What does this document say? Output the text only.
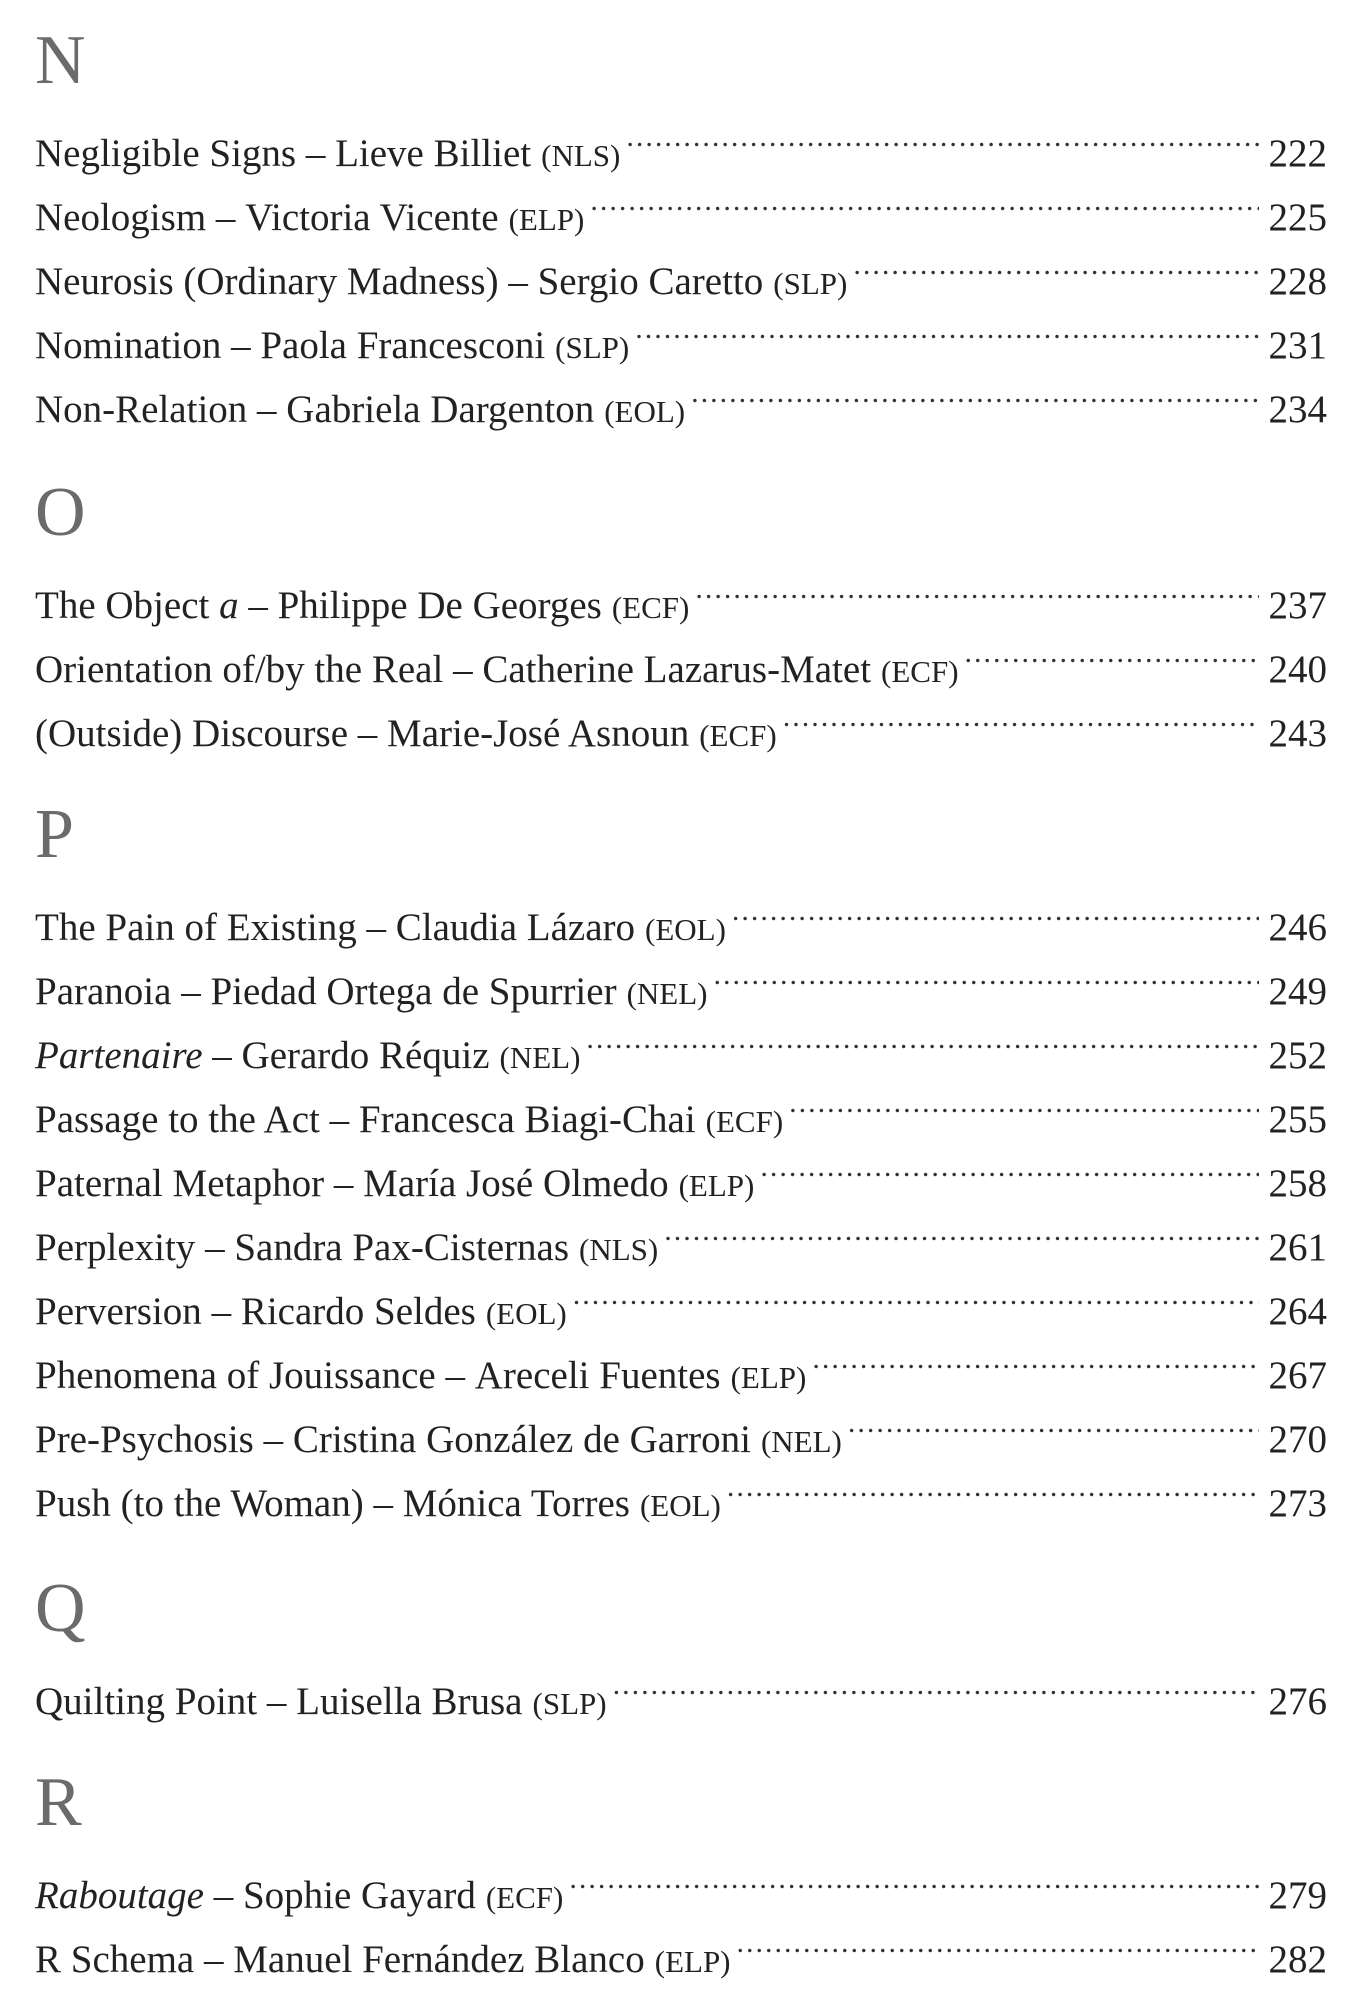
N
Negligible Signs – Lieve Billiet (NLS) .....	222
Neologism – Victoria Vicente (ELP) .....	225
Neurosis (Ordinary Madness) – Sergio Caretto (SLP) .....	228
Nomination – Paola Francesconi (SLP) .....	231
Non-Relation – Gabriela Dargenton (EOL) .....	234
O
The Object a – Philippe De Georges (ECF) .....	237
Orientation of/by the Real – Catherine Lazarus-Matet (ECF) .....	240
(Outside) Discourse – Marie-José Asnoun (ECF) .....	243
P
The Pain of Existing – Claudia Lázaro (EOL) .....	246
Paranoia – Piedad Ortega de Spurrier (NEL) .....	249
Partenaire – Gerardo Réquiz (NEL) .....	252
Passage to the Act – Francesca Biagi-Chai (ECF) .....	255
Paternal Metaphor – María José Olmedo (ELP) .....	258
Perplexity – Sandra Pax-Cisternas (NLS) .....	261
Perversion – Ricardo Seldes (EOL) .....	264
Phenomena of Jouissance – Areceli Fuentes (ELP) .....	267
Pre-Psychosis – Cristina González de Garroni (NEL) .....	270
Push (to the Woman) – Mónica Torres (EOL) .....	273
Q
Quilting Point – Luisella Brusa (SLP) .....	276
R
Raboutage – Sophie Gayard (ECF) .....	279
R Schema – Manuel Fernández Blanco (ELP) .....	282
